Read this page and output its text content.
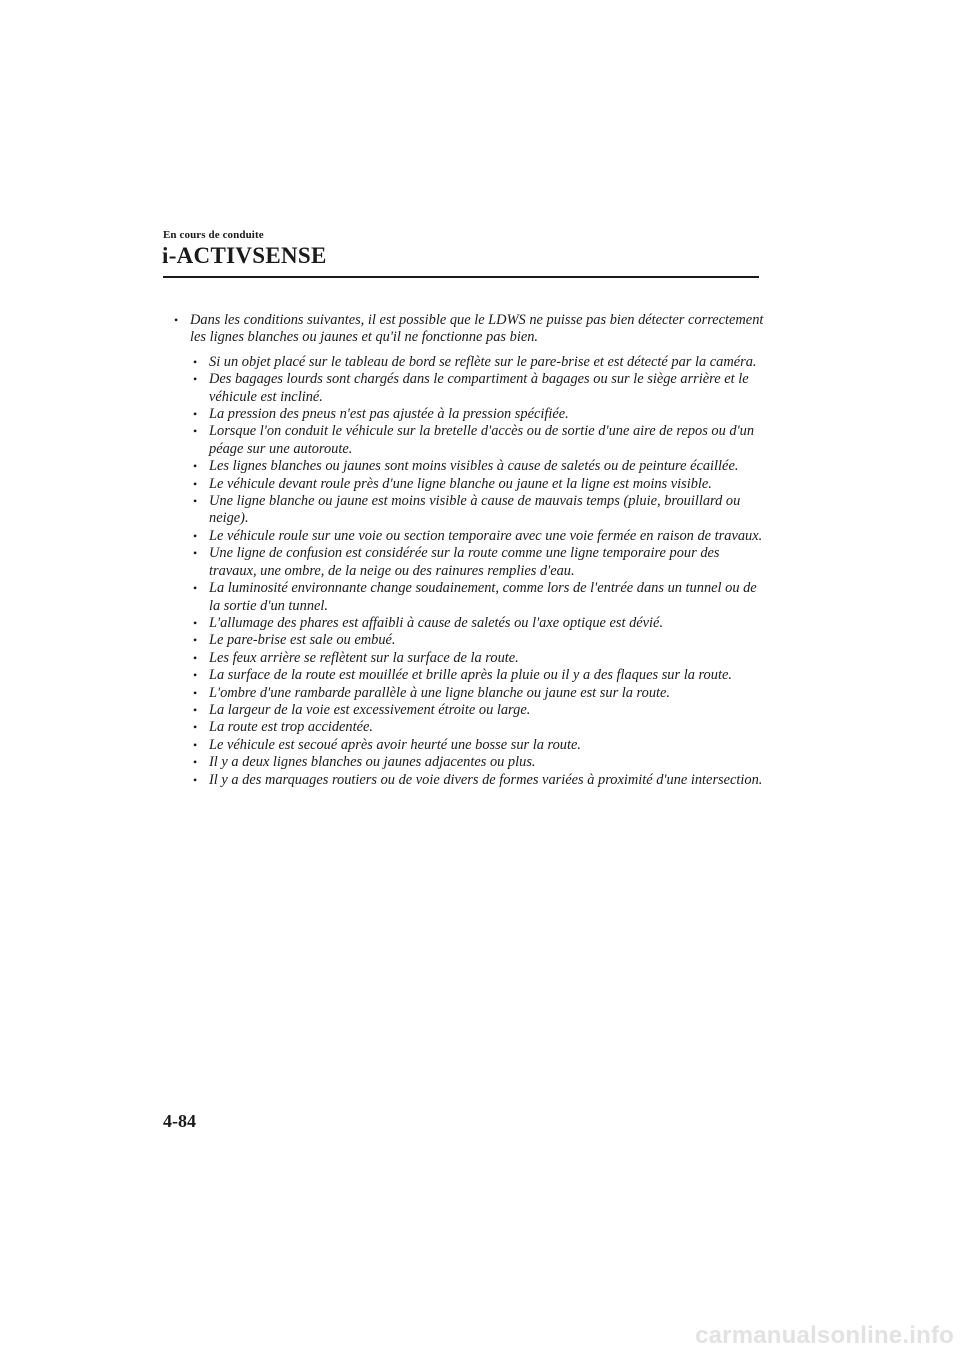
En cours de conduite
i-ACTIVSENSE
• Dans les conditions suivantes, il est possible que le LDWS ne puisse pas bien détecter correctement les lignes blanches ou jaunes et qu'il ne fonctionne pas bien.
• Si un objet placé sur le tableau de bord se reflète sur le pare-brise et est détecté par la caméra.
• Des bagages lourds sont chargés dans le compartiment à bagages ou sur le siège arrière et le véhicule est incliné.
• La pression des pneus n'est pas ajustée à la pression spécifiée.
• Lorsque l'on conduit le véhicule sur la bretelle d'accès ou de sortie d'une aire de repos ou d'un péage sur une autoroute.
• Les lignes blanches ou jaunes sont moins visibles à cause de saletés ou de peinture écaillée.
• Le véhicule devant roule près d'une ligne blanche ou jaune et la ligne est moins visible.
• Une ligne blanche ou jaune est moins visible à cause de mauvais temps (pluie, brouillard ou neige).
• Le véhicule roule sur une voie ou section temporaire avec une voie fermée en raison de travaux.
• Une ligne de confusion est considérée sur la route comme une ligne temporaire pour des travaux, une ombre, de la neige ou des rainures remplies d'eau.
• La luminosité environnante change soudainement, comme lors de l'entrée dans un tunnel ou de la sortie d'un tunnel.
• L'allumage des phares est affaibli à cause de saletés ou l'axe optique est dévié.
• Le pare-brise est sale ou embué.
• Les feux arrière se reflètent sur la surface de la route.
• La surface de la route est mouillée et brille après la pluie ou il y a des flaques sur la route.
• L'ombre d'une rambarde parallèle à une ligne blanche ou jaune est sur la route.
• La largeur de la voie est excessivement étroite ou large.
• La route est trop accidentée.
• Le véhicule est secoué après avoir heurté une bosse sur la route.
• Il y a deux lignes blanches ou jaunes adjacentes ou plus.
• Il y a des marquages routiers ou de voie divers de formes variées à proximité d'une intersection.
4-84
carmanualsonline.info
